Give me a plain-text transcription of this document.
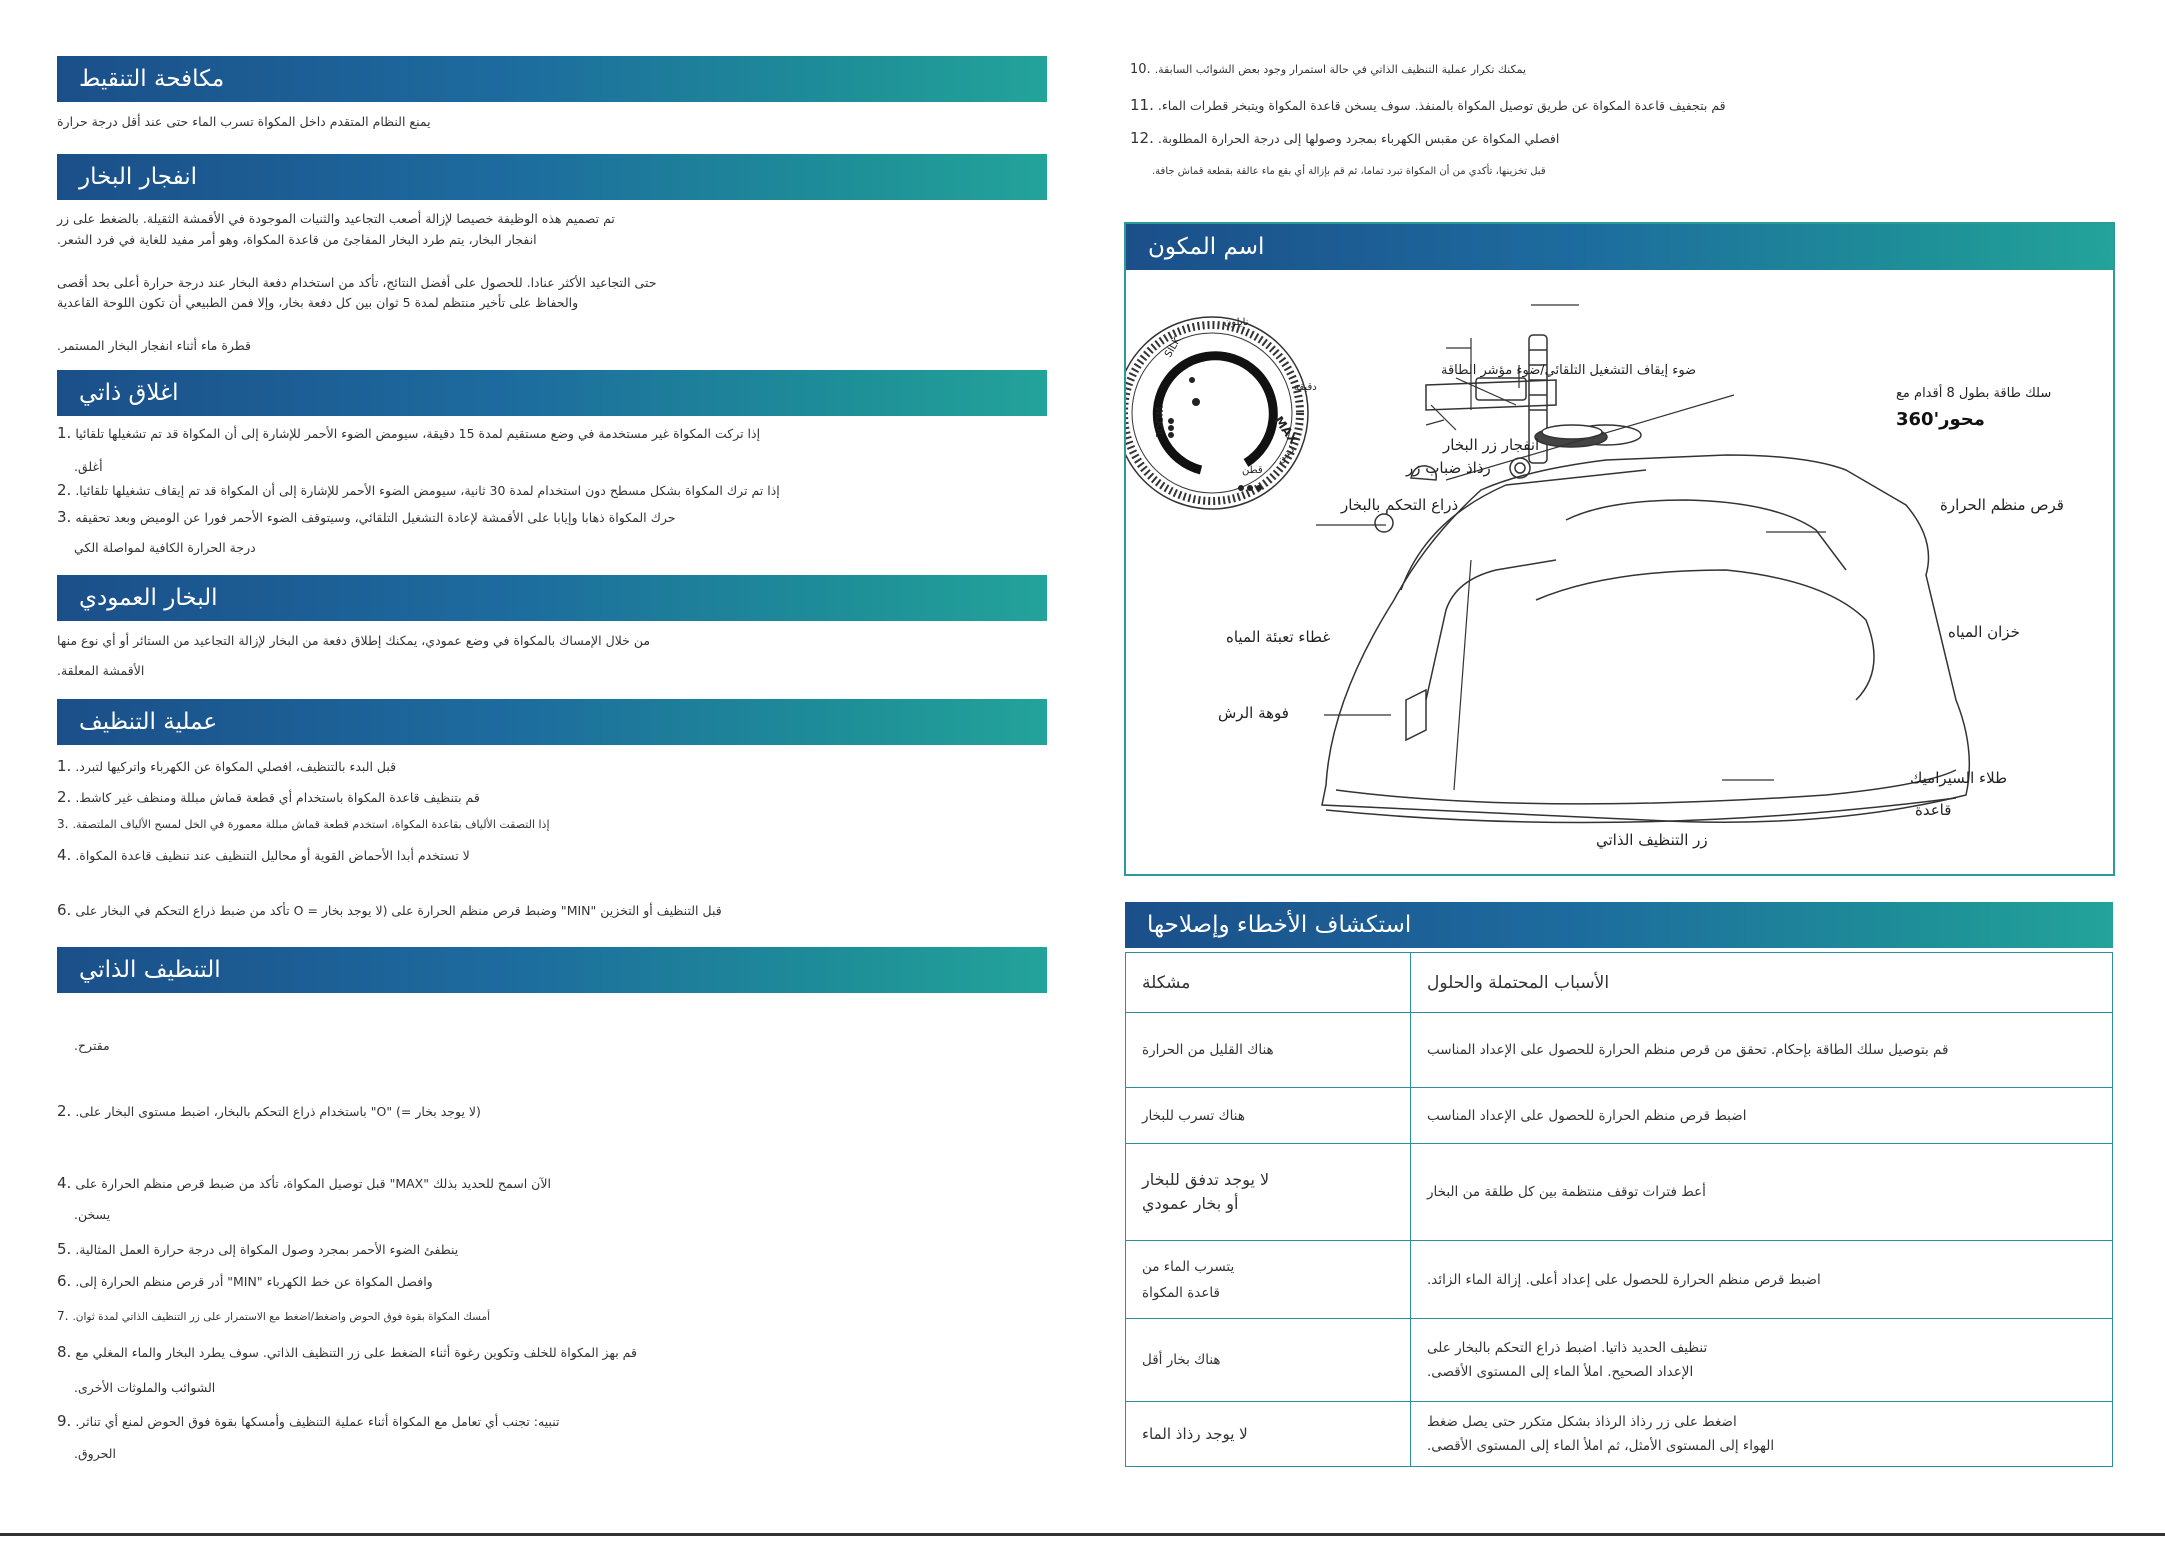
مكافحة التنقيط
يمنع النظام المتقدم داخل المكواة تسرب الماء حتى عند أقل درجة حرارة
انفجار البخار
تم تصميم هذه الوظيفة خصيصا لإزالة أصعب التجاعيد والثنيات الموجودة في الأقمشة الثقيلة. بالضغط على زر
انفجار البخار، يتم طرد البخار المفاجئ من قاعدة المكواة، وهو أمر مفيد للغاية في فرد الشعر.
حتى التجاعيد الأكثر عنادا. للحصول على أفضل النتائج، تأكد من استخدام دفعة البخار عند درجة حرارة أعلى بحد أقصى
والحفاظ على تأخير منتظم لمدة 5 ثوان بين كل دفعة بخار، وإلا فمن الطبيعي أن تكون اللوحة القاعدية
قطرة ماء أثناء انفجار البخار المستمر.
اغلاق ذاتي
1. إذا تركت المكواة غير مستخدمة في وضع مستقيم لمدة 15 دقيقة، سيومض الضوء الأحمر للإشارة إلى أن المكواة قد تم تشغيلها تلقائيا
أغلق.
2. إذا تم ترك المكواة بشكل مسطح دون استخدام لمدة 30 ثانية، سيومض الضوء الأحمر للإشارة إلى أن المكواة قد تم إيقاف تشغيلها تلقائيا.
3. حرك المكواة ذهابا وإيابا على الأقمشة لإعادة التشغيل التلقائي، وسيتوقف الضوء الأحمر فورا عن الوميض وبعد تحقيقه
درجة الحرارة الكافية لمواصلة الكي
البخار العمودي
من خلال الإمساك بالمكواة في وضع عمودي، يمكنك إطلاق دفعة من البخار لإزالة التجاعيد من الستائر أو أي نوع منها
الأقمشة المعلقة.
عملية التنظيف
1. قبل البدء بالتنظيف، افصلي المكواة عن الكهرباء واتركيها لتبرد.
2. قم بتنظيف قاعدة المكواة باستخدام أي قطعة قماش مبللة ومنظف غير كاشط.
3. إذا التصقت الألياف بقاعدة المكواة، استخدم قطعة قماش مبللة معمورة في الخل لمسح الألياف الملتصقة.
4. لا تستخدم أبدا الأحماض القوية أو محاليل التنظيف عند تنظيف قاعدة المكواة.
6. قبل التنظيف أو التخزين "MIN" وضبط قرص منظم الحرارة على (لا يوجد بخار = O تأكد من ضبط ذراع التحكم في البخار على
التنظيف الذاتي
مقترح.
2. (لا يوجد بخار =) "O" باستخدام ذراع التحكم بالبخار، اضبط مستوى البخار على.
4. الآن اسمح للحديد بذلك "MAX" قبل توصيل المكواة، تأكد من ضبط قرص منظم الحرارة على
يسخن.
5. ينطفئ الضوء الأحمر بمجرد وصول المكواة إلى درجة حرارة العمل المثالية.
6. وافصل المكواة عن خط الكهرباء "MIN" أدر قرص منظم الحرارة إلى.
7. أمسك المكواة بقوة فوق الحوض واضغط/اضغط مع الاستمرار على زر التنظيف الذاتي لمدة ثوان.
8. قم بهز المكواة للخلف وتكوين رغوة أثناء الضغط على زر التنظيف الذاتي. سوف يطرد البخار والماء المغلي مع
الشوائب والملوثات الأخرى.
9. تنبيه: تجنب أي تعامل مع المكواة أثناء عملية التنظيف وأمسكها بقوة فوق الحوض لمنع أي تناثر.
الحروق.
10. يمكنك تكرار عملية التنظيف الذاتي في حالة استمرار وجود بعض الشوائب السابقة.
11. قم بتجفيف قاعدة المكواة عن طريق توصيل المكواة بالمنفذ. سوف يسخن قاعدة المكواة ويتبخر قطرات الماء.
12. افصلي المكواة عن مقبس الكهرباء بمجرد وصولها إلى درجة الحرارة المطلوبة.
قبل تخزينها، تأكدي من أن المكواة تبرد تماما، ثم قم بإزالة أي بقع ماء عالقة بقطعة قماش جافة.
اسم المكون
نايلون
SILK
دقيقة
WOOL	MAX
لينين
قطن
ضوء إيقاف التشغيل التلقائي/ضوء مؤشر الطاقة
سلك طاقة بطول 8 أقدام مع
محور'360
انفجار زر البخار
رذاذ ضباب زر
ذراع التحكم بالبخار	قرص منظم الحرارة
غطاء تعبئة المياه	خزان المياه
فوهة الرش
طلاء السيراميك
قاعدة
زر التنظيف الذاتي
استكشاف الأخطاء وإصلاحها
مشكلة	الأسباب المحتملة والحلول
هناك القليل من الحرارة	قم بتوصيل سلك الطاقة بإحكام. تحقق من قرص منظم الحرارة للحصول على الإعداد المناسب
هناك تسرب للبخار	اضبط قرص منظم الحرارة للحصول على الإعداد المناسب

لا يوجد تدفق للبخار
أو بخار عمودي	أعط فترات توقف منتظمة بين كل طلقة من البخار

يتسرب الماء من
قاعدة المكواة	اضبط قرص منظم الحرارة للحصول على إعداد أعلى. إزالة الماء الزائد.
هناك بخار أقل	تنظيف الحديد ذاتيا. اضبط ذراع التحكم بالبخار على
الإعداد الصحيح. املأ الماء إلى المستوى الأقصى.

لا يوجد رذاذ الماء	اضغط على زر رذاذ الرذاذ بشكل متكرر حتى يصل ضغط
الهواء إلى المستوى الأمثل، ثم املأ الماء إلى المستوى الأقصى.
